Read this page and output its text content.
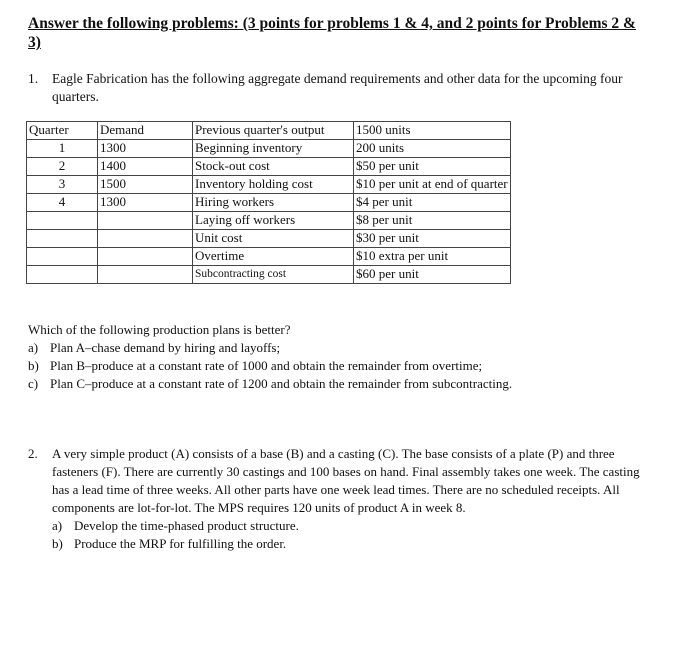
Answer the following problems: (3 points for problems 1 & 4, and 2 points for Problems 2 & 3)
1.	Eagle Fabrication has the following aggregate demand requirements and other data for the upcoming four quarters.
Quarter	Demand	Previous quarter's output	1500 units
1	1300	Beginning inventory	200 units
2	1400	Stock-out cost	$50 per unit
3	1500	Inventory holding cost	$10 per unit at end of quarter
4	1300	Hiring workers	$4 per unit
		Laying off workers	$8 per unit
		Unit cost	$30 per unit
		Overtime	$10 extra per unit
		Subcontracting cost	$60 per unit
Which of the following production plans is better?
a) Plan A–chase demand by hiring and layoffs;
b) Plan B–produce at a constant rate of 1000 and obtain the remainder from overtime;
c) Plan C–produce at a constant rate of 1200 and obtain the remainder from subcontracting.
2.	A very simple product (A) consists of a base (B) and a casting (C). The base consists of a plate (P) and three fasteners (F). There are currently 30 castings and 100 bases on hand. Final assembly takes one week. The casting has a lead time of three weeks. All other parts have one week lead times. There are no scheduled receipts. All components are lot-for-lot. The MPS requires 120 units of product A in week 8.
a) Develop the time-phased product structure.
b) Produce the MRP for fulfilling the order.
